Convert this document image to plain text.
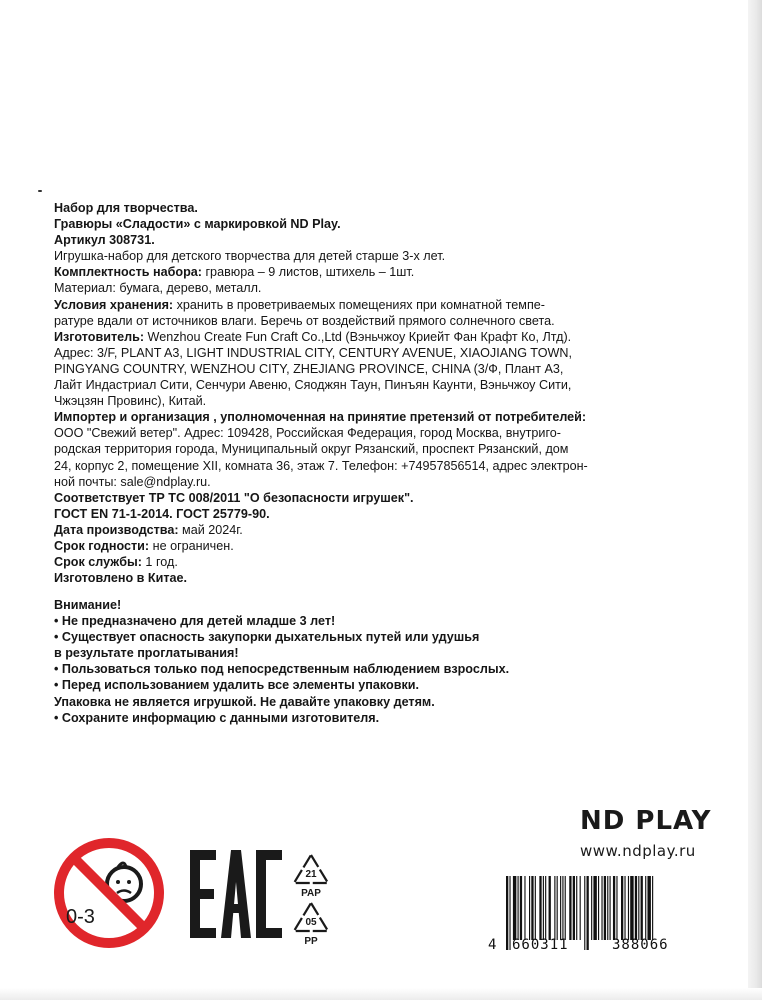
Набор для творчества.
Гравюры «Сладости» с маркировкой ND Play.
Артикул 308731.
Игрушка-набор для детского творчества для детей старше 3-х лет.
Комплектность набора: гравюра – 9 листов, штихель – 1шт.
Материал: бумага, дерево, металл.
Условия хранения: хранить в проветриваемых помещениях при комнатной темпе-
ратуре вдали от источников влаги. Беречь от воздействий прямого солнечного света.
Изготовитель: Wenzhou Create Fun Craft Co.,Ltd (Вэньчжоу Криейт Фан Крафт Ко, Лтд).
Адрес: 3/F, PLANT A3, LIGHT INDUSTRIAL CITY, CENTURY AVENUE, XIAOJIANG TOWN,
PINGYANG COUNTRY, WENZHOU CITY, ZHEJIANG PROVINCE, CHINA (3/Ф, Плант А3,
Лайт Индастриал Сити, Сенчури Авеню, Сяоджян Таун, Пинъян Каунти, Вэньчжоу Сити,
Чжэцзян Провинс), Китай.
Импортер и организация , уполномоченная на принятие претензий от потребителей:
ООО "Свежий ветер". Адрес: 109428, Российская Федерация, город Москва, внутриго-
родская территория города, Муниципальный округ Рязанский, проспект Рязанский, дом
24, корпус 2, помещение XII, комната 36, этаж 7. Телефон: +74957856514, адрес электрон-
ной почты: sale@ndplay.ru.
Соответствует ТР ТС 008/2011 "О безопасности игрушек".
ГОСТ EN 71-1-2014. ГОСТ 25779-90.
Дата производства: май 2024г.
Срок годности: не ограничен.
Срок службы: 1 год.
Изготовлено в Китае.
Внимание!
• Не предназначено для детей младше 3 лет!
• Существует опасность закупорки дыхательных путей или удушья
в результате проглатывания!
• Пользоваться только под непосредственным наблюдением взрослых.
• Перед использованием удалить все элементы упаковки.
Упаковка не является игрушкой. Не давайте упаковку детям.
• Сохраните информацию с данными изготовителя.
ND PLAY
www.ndplay.ru
0-3
21
PAP
05
PP	4 660311	388066
